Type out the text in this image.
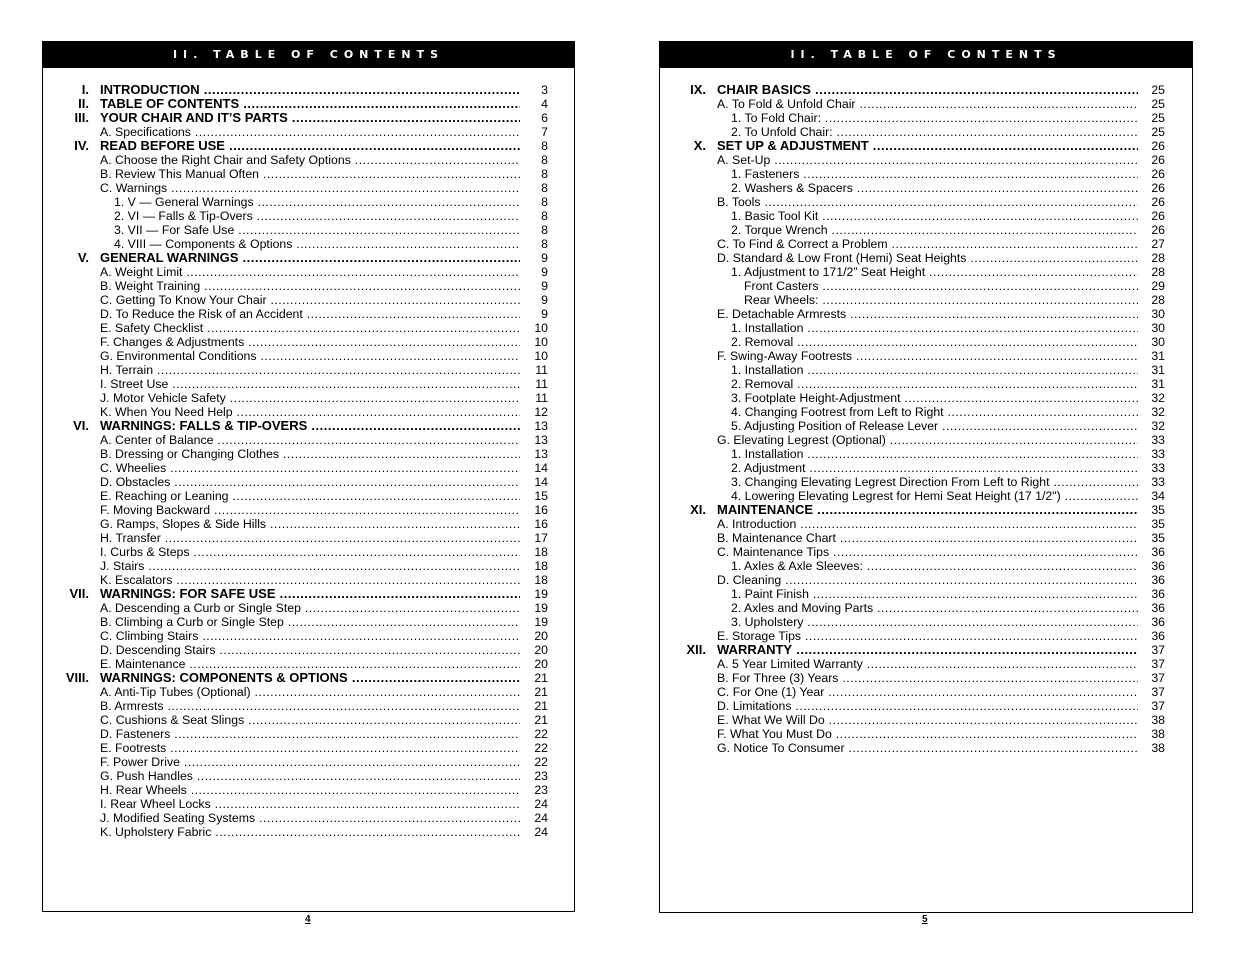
II. TABLE OF CONTENTS
I. INTRODUCTION .....	3
II. TABLE OF CONTENTS .....	4
III. YOUR CHAIR AND IT’S PARTS .....	6
A. Specifications .....	7
IV. READ BEFORE USE .....	8
A. Choose the Right Chair and Safety Options .....	8
B. Review This Manual Often .....	8
C. Warnings .....	8
1. V — General Warnings .....	8
2. VI — Falls & Tip-Overs .....	8
3. VII — For Safe Use .....	8
4. VIII — Components & Options .....	8
V. GENERAL WARNINGS .....	9
A. Weight Limit .....	9
B. Weight Training .....	9
C. Getting To Know Your Chair .....	9
D. To Reduce the Risk of an Accident .....	9
E. Safety Checklist .....	10
F. Changes & Adjustments .....	10
G. Environmental Conditions .....	10
H. Terrain .....	11
I. Street Use .....	11
J. Motor Vehicle Safety .....	11
K. When You Need Help .....	12
VI. WARNINGS: FALLS & TIP-OVERS .....	13
A. Center of Balance .....	13
B. Dressing or Changing Clothes .....	13
C. Wheelies .....	14
D. Obstacles .....	14
E. Reaching or Leaning .....	15
F. Moving Backward .....	16
G. Ramps, Slopes & Side Hills .....	16
H. Transfer .....	17
I. Curbs & Steps .....	18
J. Stairs .....	18
K. Escalators .....	18
VII. WARNINGS: FOR SAFE USE .....	19
A. Descending a Curb or Single Step .....	19
B. Climbing a Curb or Single Step .....	19
C. Climbing Stairs .....	20
D. Descending Stairs .....	20
E. Maintenance .....	20
VIII. WARNINGS: COMPONENTS & OPTIONS .....	21
A. Anti-Tip Tubes (Optional) .....	21
B. Armrests .....	21
C. Cushions & Seat Slings .....	21
D. Fasteners .....	22
E. Footrests .....	22
F. Power Drive .....	22
G. Push Handles .....	23
H. Rear Wheels .....	23
I. Rear Wheel Locks .....	24
J. Modified Seating Systems .....	24
K. Upholstery Fabric .....	24
4
II. TABLE OF CONTENTS
IX. CHAIR BASICS .....	25
A. To Fold & Unfold Chair .....	25
1. To Fold Chair: .....	25
2. To Unfold Chair: .....	25
X. SET UP & ADJUSTMENT .....	26
A. Set-Up .....	26
1. Fasteners .....	26
2. Washers & Spacers .....	26
B. Tools .....	26
1. Basic Tool Kit .....	26
2. Torque Wrench .....	26
C. To Find & Correct a Problem .....	27
D. Standard & Low Front (Hemi) Seat Heights .....	28
1. Adjustment to 171/2” Seat Height .....	28
Front Casters .....	29
Rear Wheels: .....	28
E. Detachable Armrests .....	30
1. Installation .....	30
2. Removal .....	30
F. Swing-Away Footrests .....	31
1. Installation .....	31
2. Removal .....	31
3. Footplate Height-Adjustment .....	32
4. Changing Footrest from Left to Right .....	32
5. Adjusting Position of Release Lever .....	32
G. Elevating Legrest (Optional) .....	33
1. Installation .....	33
2. Adjustment .....	33
3. Changing Elevating Legrest Direction From Left to Right .....	33
4. Lowering Elevating Legrest for Hemi Seat Height (17 1/2") .....	34
XI. MAINTENANCE .....	35
A. Introduction .....	35
B. Maintenance Chart .....	35
C. Maintenance Tips .....	36
1. Axles & Axle Sleeves: .....	36
D. Cleaning .....	36
1. Paint Finish .....	36
2. Axles and Moving Parts .....	36
3. Upholstery .....	36
E. Storage Tips .....	36
XII. WARRANTY .....	37
A. 5 Year Limited Warranty .....	37
B. For Three (3) Years .....	37
C. For One (1) Year .....	37
D. Limitations .....	37
E. What We Will Do .....	38
F. What You Must Do .....	38
G. Notice To Consumer .....	38
5
